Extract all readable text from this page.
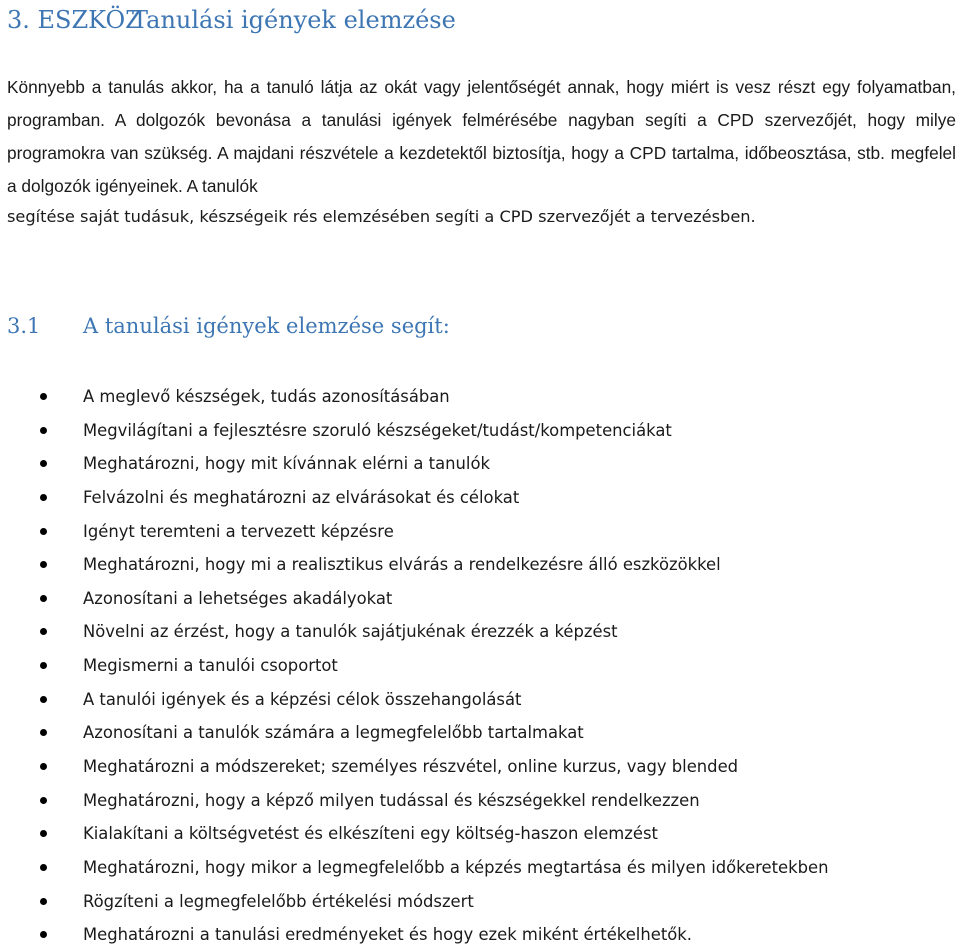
3. ESZKÖZTanulási igények elemzése

Könnyebb a tanulás akkor, ha a tanuló látja az okát vagy jelentőségét annak, hogy miért is vesz részt egy folyamatban, programban. A dolgozók bevonása a tanulási igények felmérésébe nagyban segíti a CPD szervezőjét, hogy milye programokra van szükség. A majdani részvétele a kezdetektől biztosítja, hogy a CPD tartalma, időbeosztása, stb. megfelel a dolgozók igényeinek. A tanulók

segítése saját tudásuk, készségeik rés elemzésében segíti a CPD szervezőjét a tervezésben.

3.1 A tanulási igények elemzése segít:
A meglevő készségek, tudás azonosításában
Megvilágítani a fejlesztésre szoruló készségeket/tudást/kompetenciákat
Meghatározni, hogy mit kívánnak elérni a tanulók
Felvázolni és meghatározni az elvárásokat és célokat
Igényt teremteni a tervezett képzésre
Meghatározni, hogy mi a realisztikus elvárás a rendelkezésre álló eszközökkel
Azonosítani a lehetséges akadályokat
Növelni az érzést, hogy a tanulók sajátjukénak érezzék a képzést
Megismerni a tanulói csoportot
A tanulói igények és a képzési célok összehangolását
Azonosítani a tanulók számára a legmegfelelőbb tartalmakat
Meghatározni a módszereket; személyes részvétel, online kurzus, vagy blended
Meghatározni, hogy a képző milyen tudással és készségekkel rendelkezzen
Kialakítani a költségvetést és elkészíteni egy költség-haszon elemzést
Meghatározni, hogy mikor a legmegfelelőbb a képzés megtartása és milyen időkeretekben
Rögzíteni a legmegfelelőbb értékelési módszert
Meghatározni a tanulási eredményeket és hogy ezek miként értékelhetők.
